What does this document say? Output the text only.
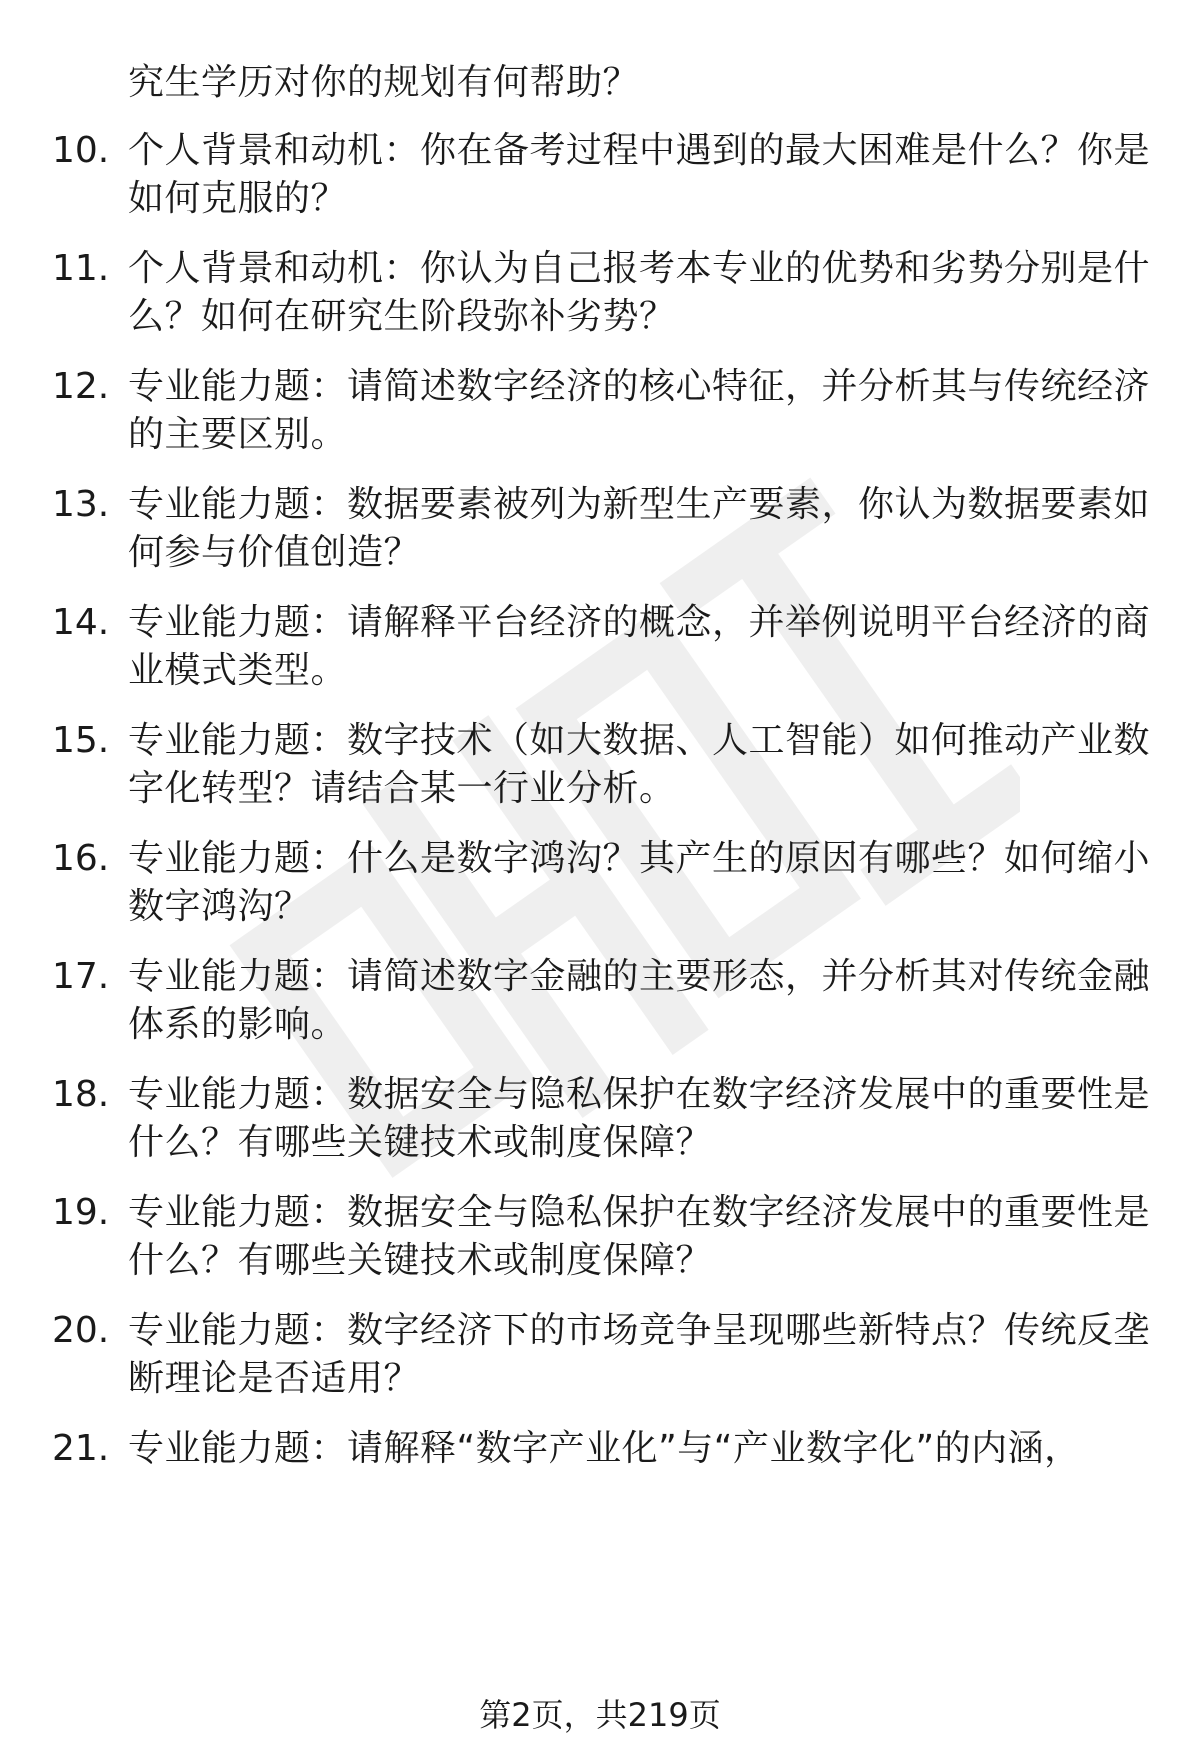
究生学历对你的规划有何帮助？
10. 个人背景和动机：你在备考过程中遇到的最大困难是什么？你是
如何克服的？
11. 个人背景和动机：你认为自己报考本专业的优势和劣势分别是什
么？如何在研究生阶段弥补劣势？
12. 专业能力题：请简述数字经济的核心特征，并分析其与传统经济
的主要区别。
13. 专业能力题：数据要素被列为新型生产要素，你认为数据要素如
何参与价值创造？
14. 专业能力题：请解释平台经济的概念，并举例说明平台经济的商
业模式类型。
15. 专业能力题：数字技术（如大数据、人工智能）如何推动产业数
字化转型？请结合某一行业分析。
16. 专业能力题：什么是数字鸿沟？其产生的原因有哪些？如何缩小
数字鸿沟？
17. 专业能力题：请简述数字金融的主要形态，并分析其对传统金融
体系的影响。
18. 专业能力题：数据安全与隐私保护在数字经济发展中的重要性是
什么？有哪些关键技术或制度保障？
19. 专业能力题：数据安全与隐私保护在数字经济发展中的重要性是
什么？有哪些关键技术或制度保障？
20. 专业能力题：数字经济下的市场竞争呈现哪些新特点？传统反垄
断理论是否适用？
21. 专业能力题：请解释“数字产业化”与“产业数字化”的内涵，
第2页，共219页
